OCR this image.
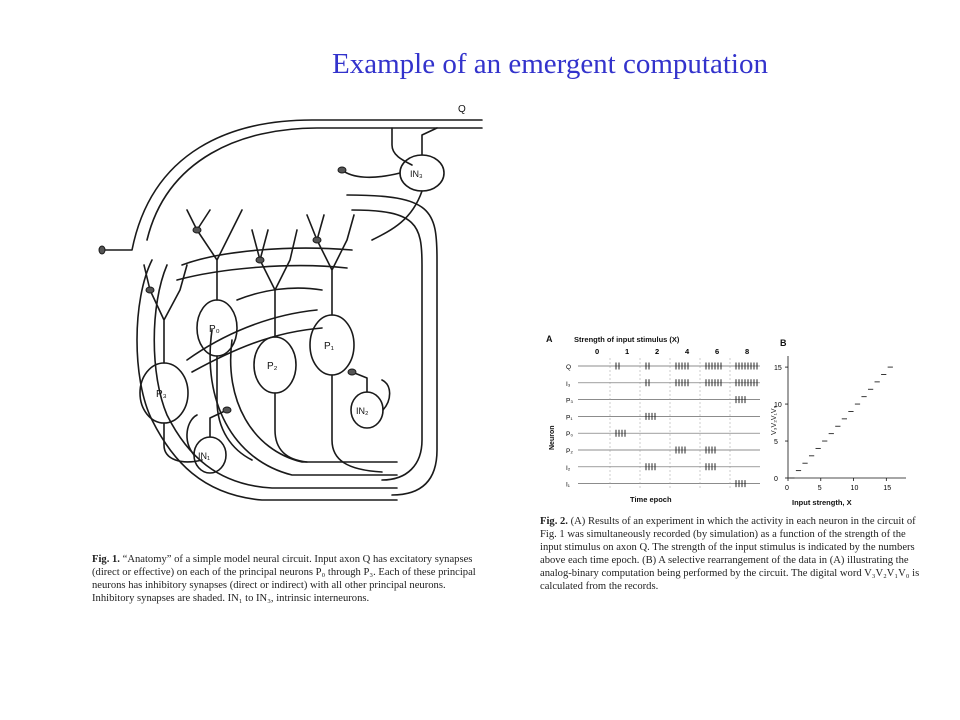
Example of an emergent computation
Q
P₀
P₁
P₂
P₃
IN₁
IN₂
IN₃

Fig. 1. “Anatomy” of a simple model neural circuit. Input axon Q has excitatory synapses (direct or effective) on each of the principal neurons P₀ through P₃. Each of these principal neurons has inhibitory synapses (direct or indirect) with all other principal neurons. Inhibitory synapses are shaded. IN₁ to IN₃, intrinsic interneurons.

A	Strength of input stimulus (X)
Neuron
Time epoch
B
V₃V₂V₁V₀
Input strength, X
0	1	2	4	6	8
Q
I₃
P₃
P₁
P₀
P₂
I₂
I₁	0	5	10	15
0
5
10
15

Fig. 2. (A) Results of an experiment in which the activity in each neuron in the circuit of Fig. 1 was simultaneously recorded (by simulation) as a function of the strength of the input stimulus on axon Q. The strength of the input stimulus is indicated by the numbers above each time epoch. (B) A selective rearrangement of the data in (A) illustrating the analog-binary computation being performed by the circuit. The digital word V₃V₂V₁V₀ is calculated from the records.
